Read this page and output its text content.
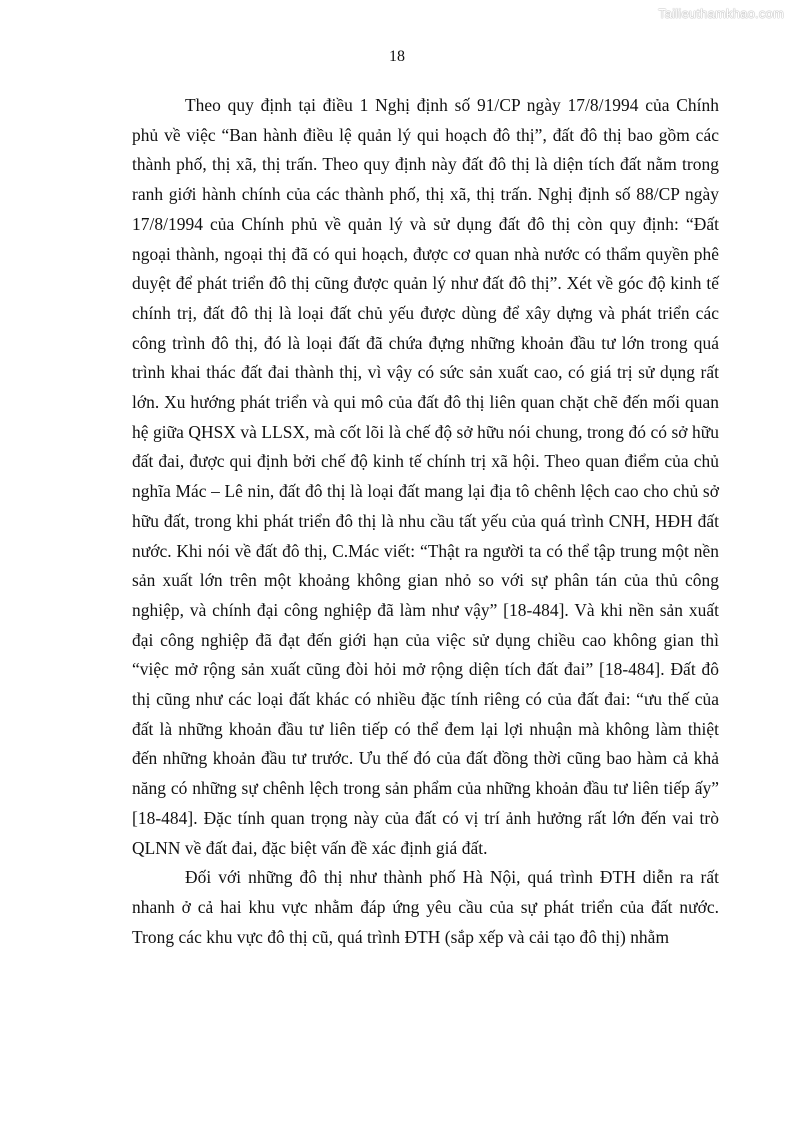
Tailieuthamkhao.com
18

Theo quy định tại điều 1 Nghị định số 91/CP ngày 17/8/1994 của Chính phủ về việc “Ban hành điều lệ quản lý qui hoạch đô thị”, đất đô thị bao gồm các thành phố, thị xã, thị trấn. Theo quy định này đất đô thị là diện tích đất nằm trong ranh giới hành chính của các thành phố, thị xã, thị trấn. Nghị định số 88/CP ngày 17/8/1994 của Chính phủ về quản lý và sử dụng đất đô thị còn quy định: “Đất ngoại thành, ngoại thị đã có qui hoạch, được cơ quan nhà nước có thẩm quyền phê duyệt để phát triển đô thị cũng được quản lý như đất đô thị”. Xét về góc độ kinh tế chính trị, đất đô thị là loại đất chủ yếu được dùng để xây dựng và phát triển các công trình đô thị, đó là loại đất đã chứa đựng những khoản đầu tư lớn trong quá trình khai thác đất đai thành thị, vì vậy có sức sản xuất cao, có giá trị sử dụng rất lớn. Xu hướng phát triển và qui mô của đất đô thị liên quan chặt chẽ đến mối quan hệ giữa QHSX và LLSX, mà cốt lõi là chế độ sở hữu nói chung, trong đó có sở hữu đất đai, được qui định bởi chế độ kinh tế chính trị xã hội. Theo quan điểm của chủ nghĩa Mác – Lê nin, đất đô thị là loại đất mang lại địa tô chênh lệch cao cho chủ sở hữu đất, trong khi phát triển đô thị là nhu cầu tất yếu của quá trình CNH, HĐH đất nước. Khi nói về đất đô thị, C.Mác viết: “Thật ra người ta có thể tập trung một nền sản xuất lớn trên một khoảng không gian nhỏ so với sự phân tán của thủ công nghiệp, và chính đại công nghiệp đã làm như vậy” [18-484]. Và khi nền sản xuất đại công nghiệp đã đạt đến giới hạn của việc sử dụng chiều cao không gian thì “việc mở rộng sản xuất cũng đòi hỏi mở rộng diện tích đất đai” [18-484]. Đất đô thị cũng như các loại đất khác có nhiều đặc tính riêng có của đất đai: “ưu thế của đất là những khoản đầu tư liên tiếp có thể đem lại lợi nhuận mà không làm thiệt đến những khoản đầu tư trước. Ưu thế đó của đất đồng thời cũng bao hàm cả khả năng có những sự chênh lệch trong sản phẩm của những khoản đầu tư liên tiếp ấy” [18-484]. Đặc tính quan trọng này của đất có vị trí ảnh hưởng rất lớn đến vai trò QLNN về đất đai, đặc biệt vấn đề xác định giá đất.

Đối với những đô thị như thành phố Hà Nội, quá trình ĐTH diễn ra rất nhanh ở cả hai khu vực nhằm đáp ứng yêu cầu của sự phát triển của đất nước. Trong các khu vực đô thị cũ, quá trình ĐTH (sắp xếp và cải tạo đô thị) nhằm
